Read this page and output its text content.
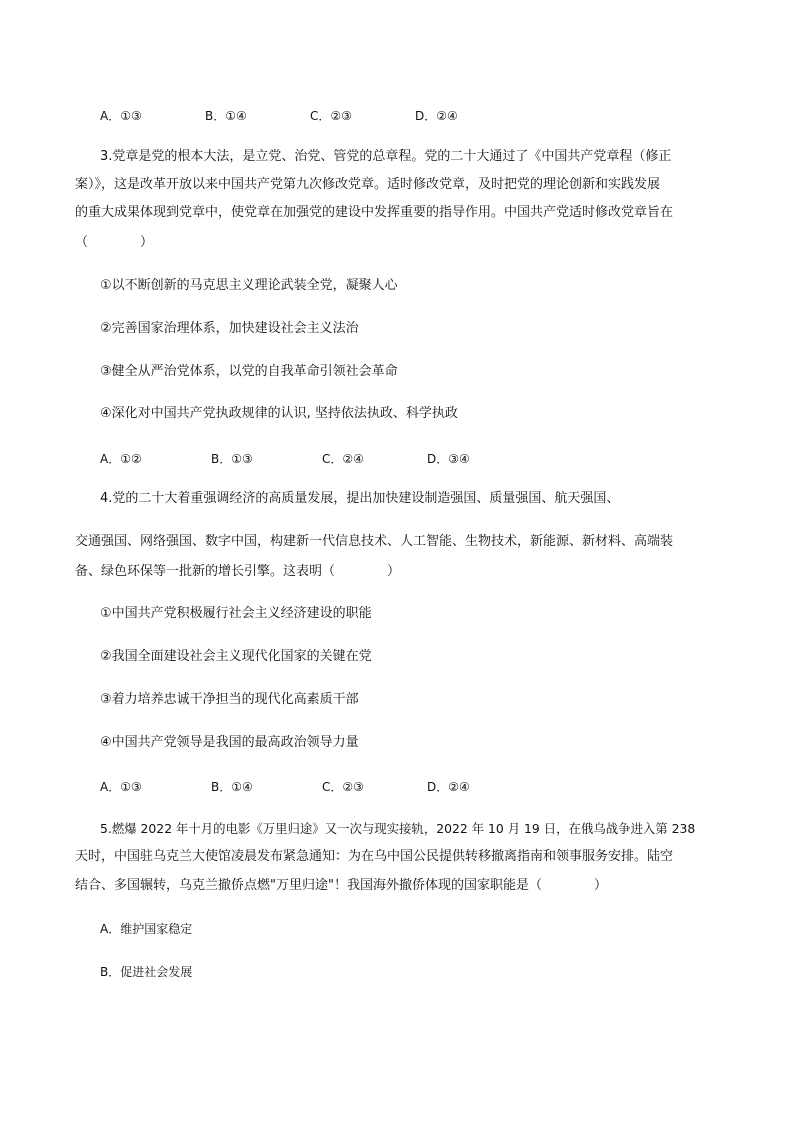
A．①③	B．①④	C．②③	D．②④
3.党章是党的根本大法，是立党、治党、管党的总章程。党的二十大通过了《中国共产党章程（修正
案）》，这是改革开放以来中国共产党第九次修改党章。适时修改党章，及时把党的理论创新和实践发展
的重大成果体现到党章中，使党章在加强党的建设中发挥重要的指导作用。中国共产党适时修改党章旨在
（　　　　）
①以不断创新的马克思主义理论武装全党，凝聚人心
②完善国家治理体系，加快建设社会主义法治
③健全从严治党体系，以党的自我革命引领社会革命
④深化对中国共产党执政规律的认识, 坚持依法执政、科学执政
A．①②	B．①③	C．②④	D．③④
4.党的二十大着重强调经济的高质量发展，提出加快建设制造强国、质量强国、航天强国、
交通强国、网络强国、数字中国，构建新一代信息技术、人工智能、生物技术，新能源、新材料、高端装
备、绿色环保等一批新的增长引擎。这表明（　　　　）
①中国共产党积极履行社会主义经济建设的职能
②我国全面建设社会主义现代化国家的关键在党
③着力培养忠诚干净担当的现代化高素质干部
④中国共产党领导是我国的最高政治领导力量
A．①③	B．①④	C．②③	D．②④
5.燃爆 2022 年十月的电影《万里归途》又一次与现实接轨，2022 年 10 月 19 日，在俄乌战争进入第 238
天时，中国驻乌克兰大使馆凌晨发布紧急通知：为在乌中国公民提供转移撤离指南和领事服务安排。陆空
结合、多国辗转，乌克兰撤侨点燃"万里归途"！我国海外撤侨体现的国家职能是（　　　　）
A．维护国家稳定
B．促进社会发展
